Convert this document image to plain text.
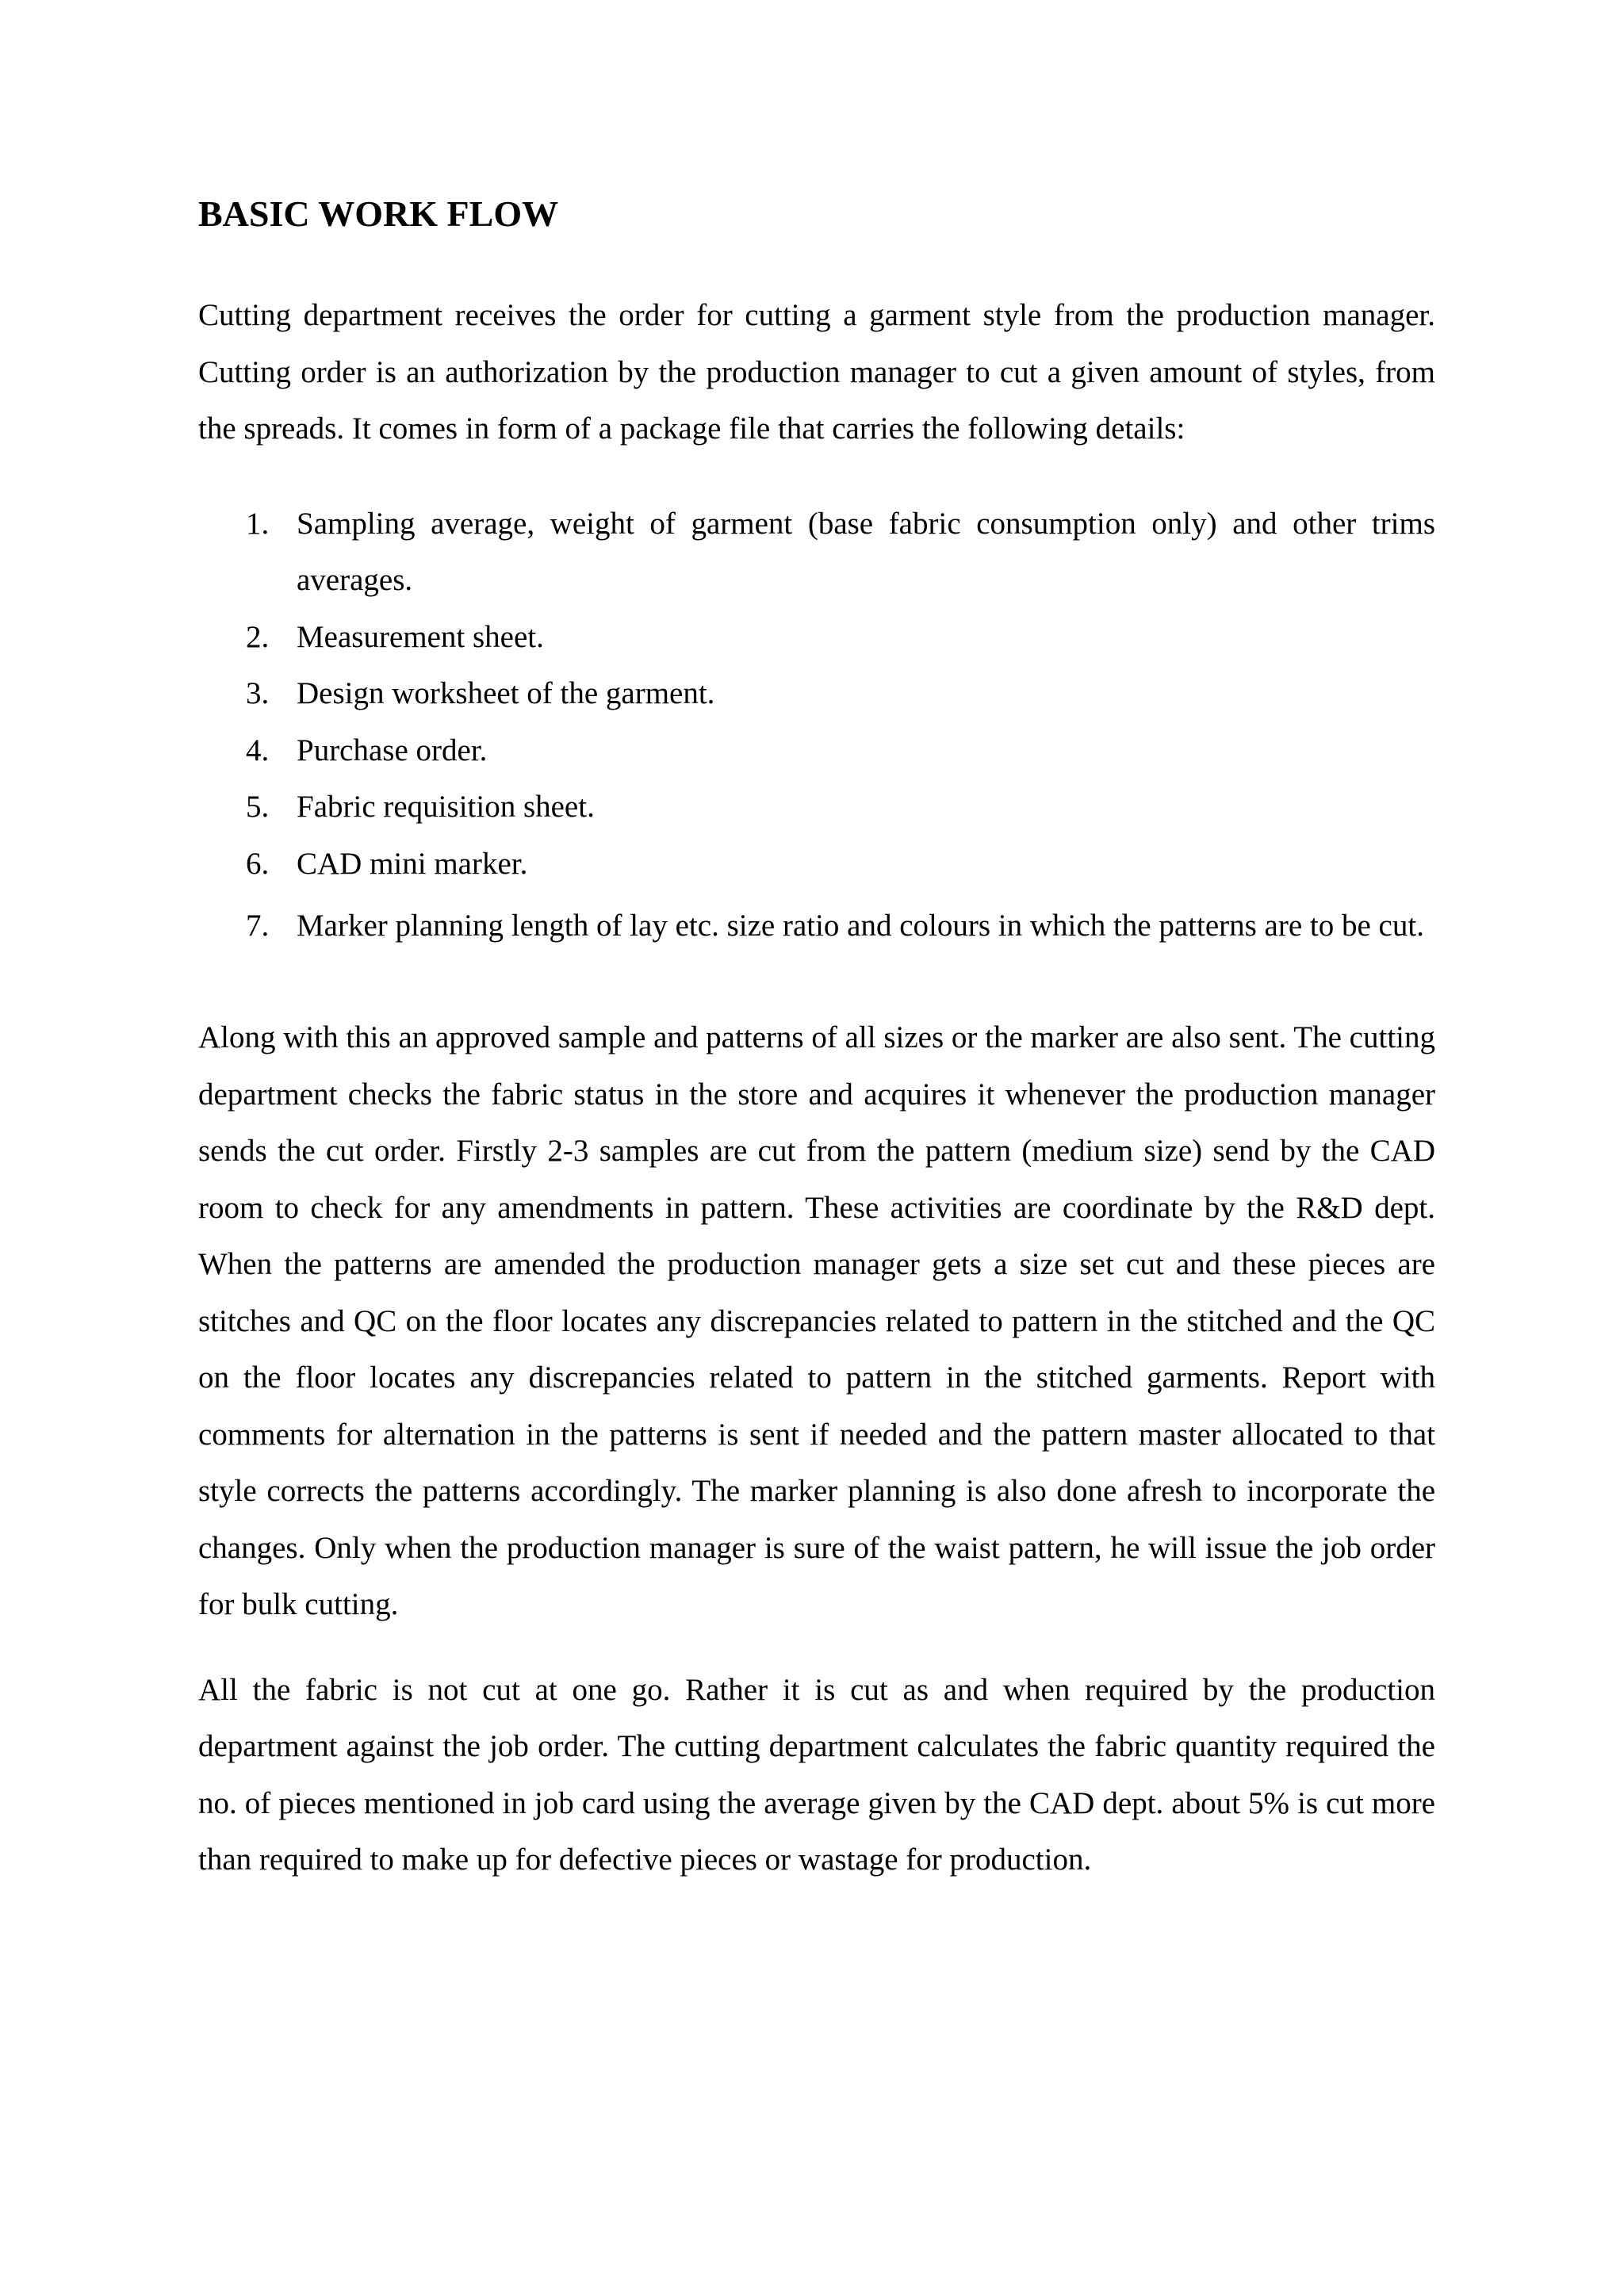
BASIC WORK FLOW

Cutting department receives the order for cutting a garment style from the production manager. Cutting order is an authorization by the production manager to cut a given amount of styles, from the spreads. It comes in form of a package file that carries the following details:

1. Sampling average, weight of garment (base fabric consumption only) and other trims averages.
2. Measurement sheet.
3. Design worksheet of the garment.
4. Purchase order.
5. Fabric requisition sheet.
6. CAD mini marker.
7. Marker planning length of lay etc. size ratio and colours in which the patterns are to be cut.

Along with this an approved sample and patterns of all sizes or the marker are also sent. The cutting department checks the fabric status in the store and acquires it whenever the production manager sends the cut order. Firstly 2-3 samples are cut from the pattern (medium size) send by the CAD room to check for any amendments in pattern. These activities are coordinate by the R&D dept. When the patterns are amended the production manager gets a size set cut and these pieces are stitches and QC on the floor locates any discrepancies related to pattern in the stitched and the QC on the floor locates any discrepancies related to pattern in the stitched garments. Report with comments for alternation in the patterns is sent if needed and the pattern master allocated to that style corrects the patterns accordingly. The marker planning is also done afresh to incorporate the changes. Only when the production manager is sure of the waist pattern, he will issue the job order for bulk cutting.

All the fabric is not cut at one go. Rather it is cut as and when required by the production department against the job order. The cutting department calculates the fabric quantity required the no. of pieces mentioned in job card using the average given by the CAD dept. about 5% is cut more than required to make up for defective pieces or wastage for production.
